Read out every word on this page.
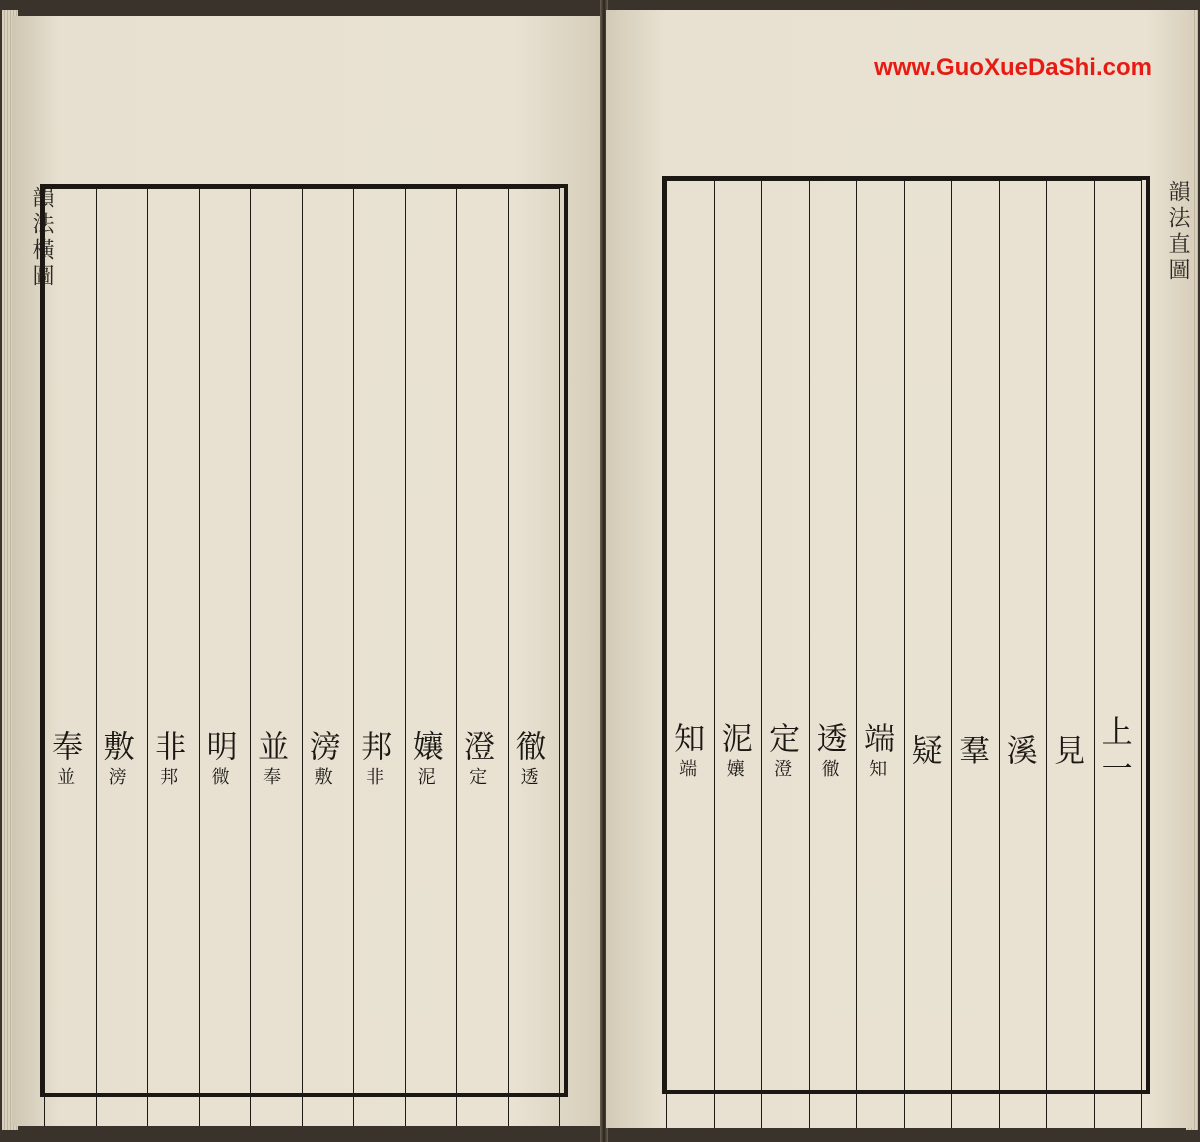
韻法橫圖
奉並	敷滂	非邦	明微	並奉	滂敷	邦非	孃泥	澄定	徹透

www.GuoXueDaShi.com
韻法直圖
知端	泥孃	定澄	透徹	端知	疑	羣	溪	見	上一
